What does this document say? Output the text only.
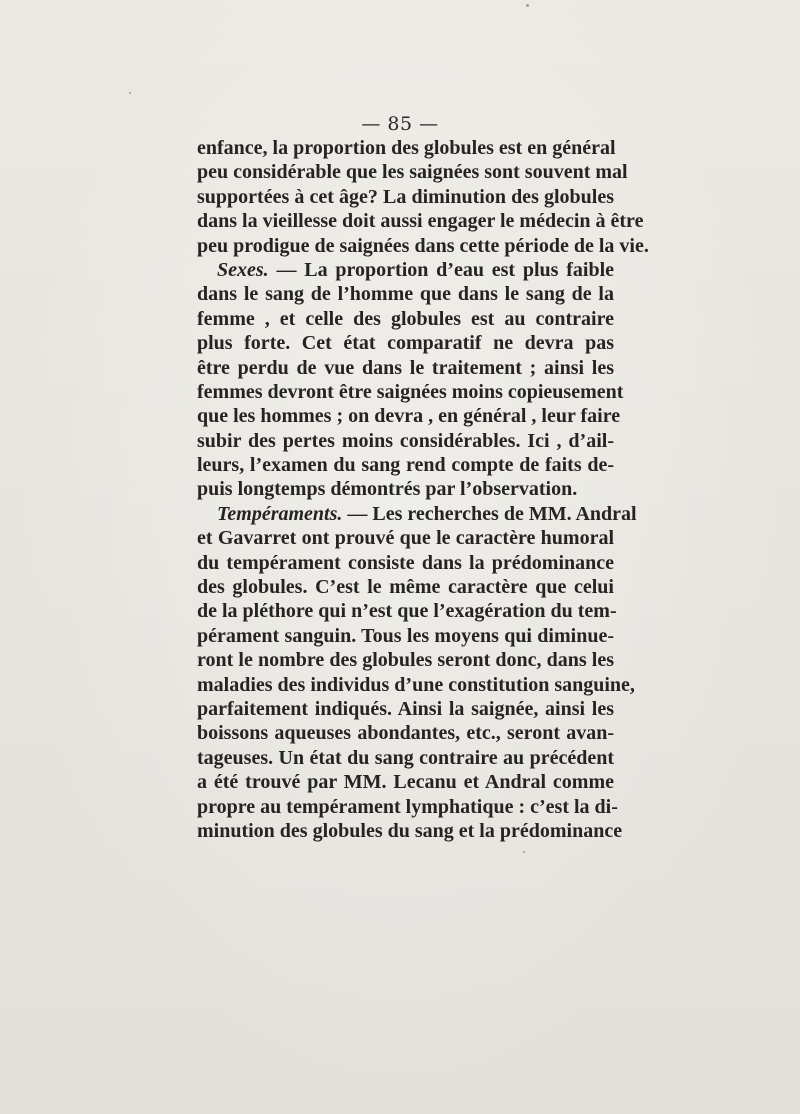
— 85 —
enfance, la proportion des globules est en général
peu considérable que les saignées sont souvent mal
supportées à cet âge? La diminution des globules
dans la vieillesse doit aussi engager le médecin à être
peu prodigue de saignées dans cette période de la vie.
Sexes. — La proportion d’eau est plus faible
dans le sang de l’homme que dans le sang de la
femme , et celle des globules est au contraire
plus forte. Cet état comparatif ne devra pas
être perdu de vue dans le traitement ; ainsi les
femmes devront être saignées moins copieusement
que les hommes ; on devra , en général , leur faire
subir des pertes moins considérables. Ici , d’ail-
leurs, l’examen du sang rend compte de faits de-
puis longtemps démontrés par l’observation.
Tempéraments. — Les recherches de MM. Andral
et Gavarret ont prouvé que le caractère humoral
du tempérament consiste dans la prédominance
des globules. C’est le même caractère que celui
de la pléthore qui n’est que l’exagération du tem-
pérament sanguin. Tous les moyens qui diminue-
ront le nombre des globules seront donc, dans les
maladies des individus d’une constitution sanguine,
parfaitement indiqués. Ainsi la saignée, ainsi les
boissons aqueuses abondantes, etc., seront avan-
tageuses. Un état du sang contraire au précédent
a été trouvé par MM. Lecanu et Andral comme
propre au tempérament lymphatique : c’est la di-
minution des globules du sang et la prédominance
